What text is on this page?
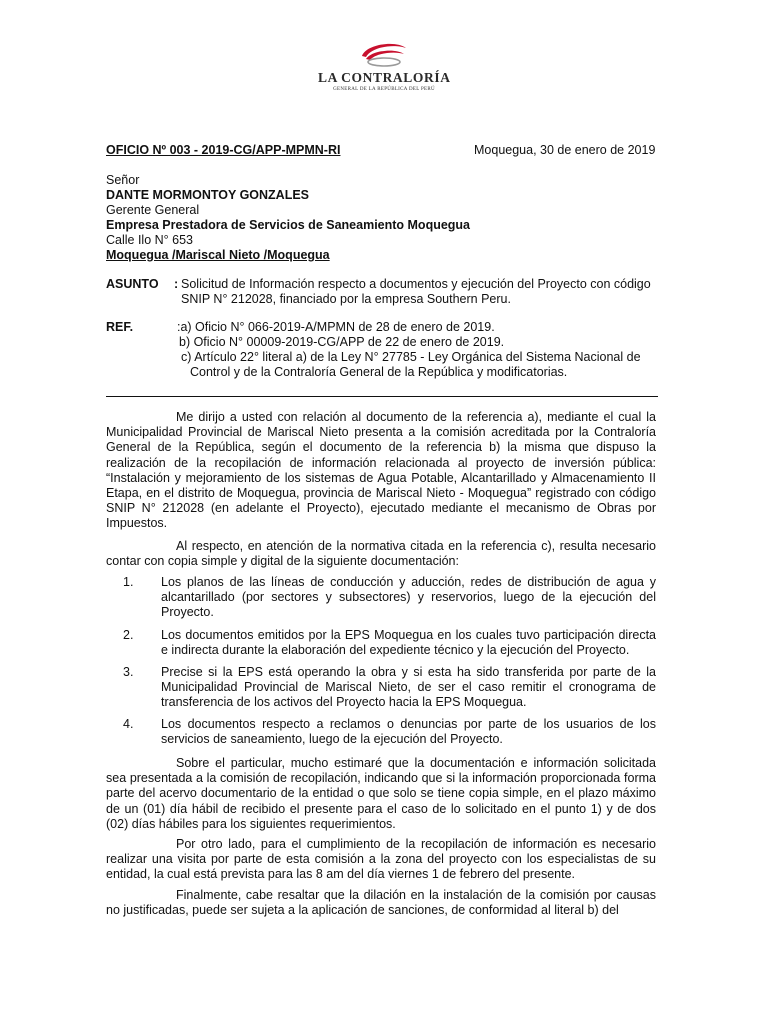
LA CONTRALORÍA
GENERAL DE LA REPÚBLICA DEL PERÚ
OFICIO Nº 003 - 2019-CG/APP-MPMN-RI	Moquegua, 30 de enero de 2019
Señor
DANTE MORMONTOY GONZALES
Gerente General
Empresa Prestadora de Servicios de Saneamiento Moquegua
Calle Ilo N° 653
Moquegua /Mariscal Nieto /Moquegua
ASUNTO : Solicitud de Información respecto a documentos y ejecución del Proyecto con código
SNIP N° 212028, financiado por la empresa Southern Peru.
REF.	:a) Oficio N° 066-2019-A/MPMN de 28 de enero de 2019.
b) Oficio N° 00009-2019-CG/APP de 22 de enero de 2019.
c) Artículo 22° literal a) de la Ley N° 27785 - Ley Orgánica del Sistema Nacional de
Control y de la Contraloría General de la República y modificatorias.
Me dirijo a usted con relación al documento de la referencia a), mediante el cual la Municipalidad Provincial de Mariscal Nieto presenta a la comisión acreditada por la Contraloría General de la República, según el documento de la referencia b) la misma que dispuso la realización de la recopilación de información relacionada al proyecto de inversión pública: “Instalación y mejoramiento de los sistemas de Agua Potable, Alcantarillado y Almacenamiento II Etapa, en el distrito de Moquegua, provincia de Mariscal Nieto - Moquegua” registrado con código SNIP N° 212028 (en adelante el Proyecto), ejecutado mediante el mecanismo de Obras por Impuestos.
Al respecto, en atención de la normativa citada en la referencia c), resulta necesario contar con copia simple y digital de la siguiente documentación:
1. Los planos de las líneas de conducción y aducción, redes de distribución de agua y alcantarillado (por sectores y subsectores) y reservorios, luego de la ejecución del Proyecto.
2. Los documentos emitidos por la EPS Moquegua en los cuales tuvo participación directa e indirecta durante la elaboración del expediente técnico y la ejecución del Proyecto.
3. Precise si la EPS está operando la obra y si esta ha sido transferida por parte de la Municipalidad Provincial de Mariscal Nieto, de ser el caso remitir el cronograma de transferencia de los activos del Proyecto hacia la EPS Moquegua.
4. Los documentos respecto a reclamos o denuncias por parte de los usuarios de los servicios de saneamiento, luego de la ejecución del Proyecto.
Sobre el particular, mucho estimaré que la documentación e información solicitada sea presentada a la comisión de recopilación, indicando que si la información proporcionada forma parte del acervo documentario de la entidad o que solo se tiene copia simple, en el plazo máximo de un (01) día hábil de recibido el presente para el caso de lo solicitado en el punto 1) y de dos (02) días hábiles para los siguientes requerimientos.
Por otro lado, para el cumplimiento de la recopilación de información es necesario realizar una visita por parte de esta comisión a la zona del proyecto con los especialistas de su entidad, la cual está prevista para las 8 am del día viernes 1 de febrero del presente.
Finalmente, cabe resaltar que la dilación en la instalación de la comisión por causas no justificadas, puede ser sujeta a la aplicación de sanciones, de conformidad al literal b) del
